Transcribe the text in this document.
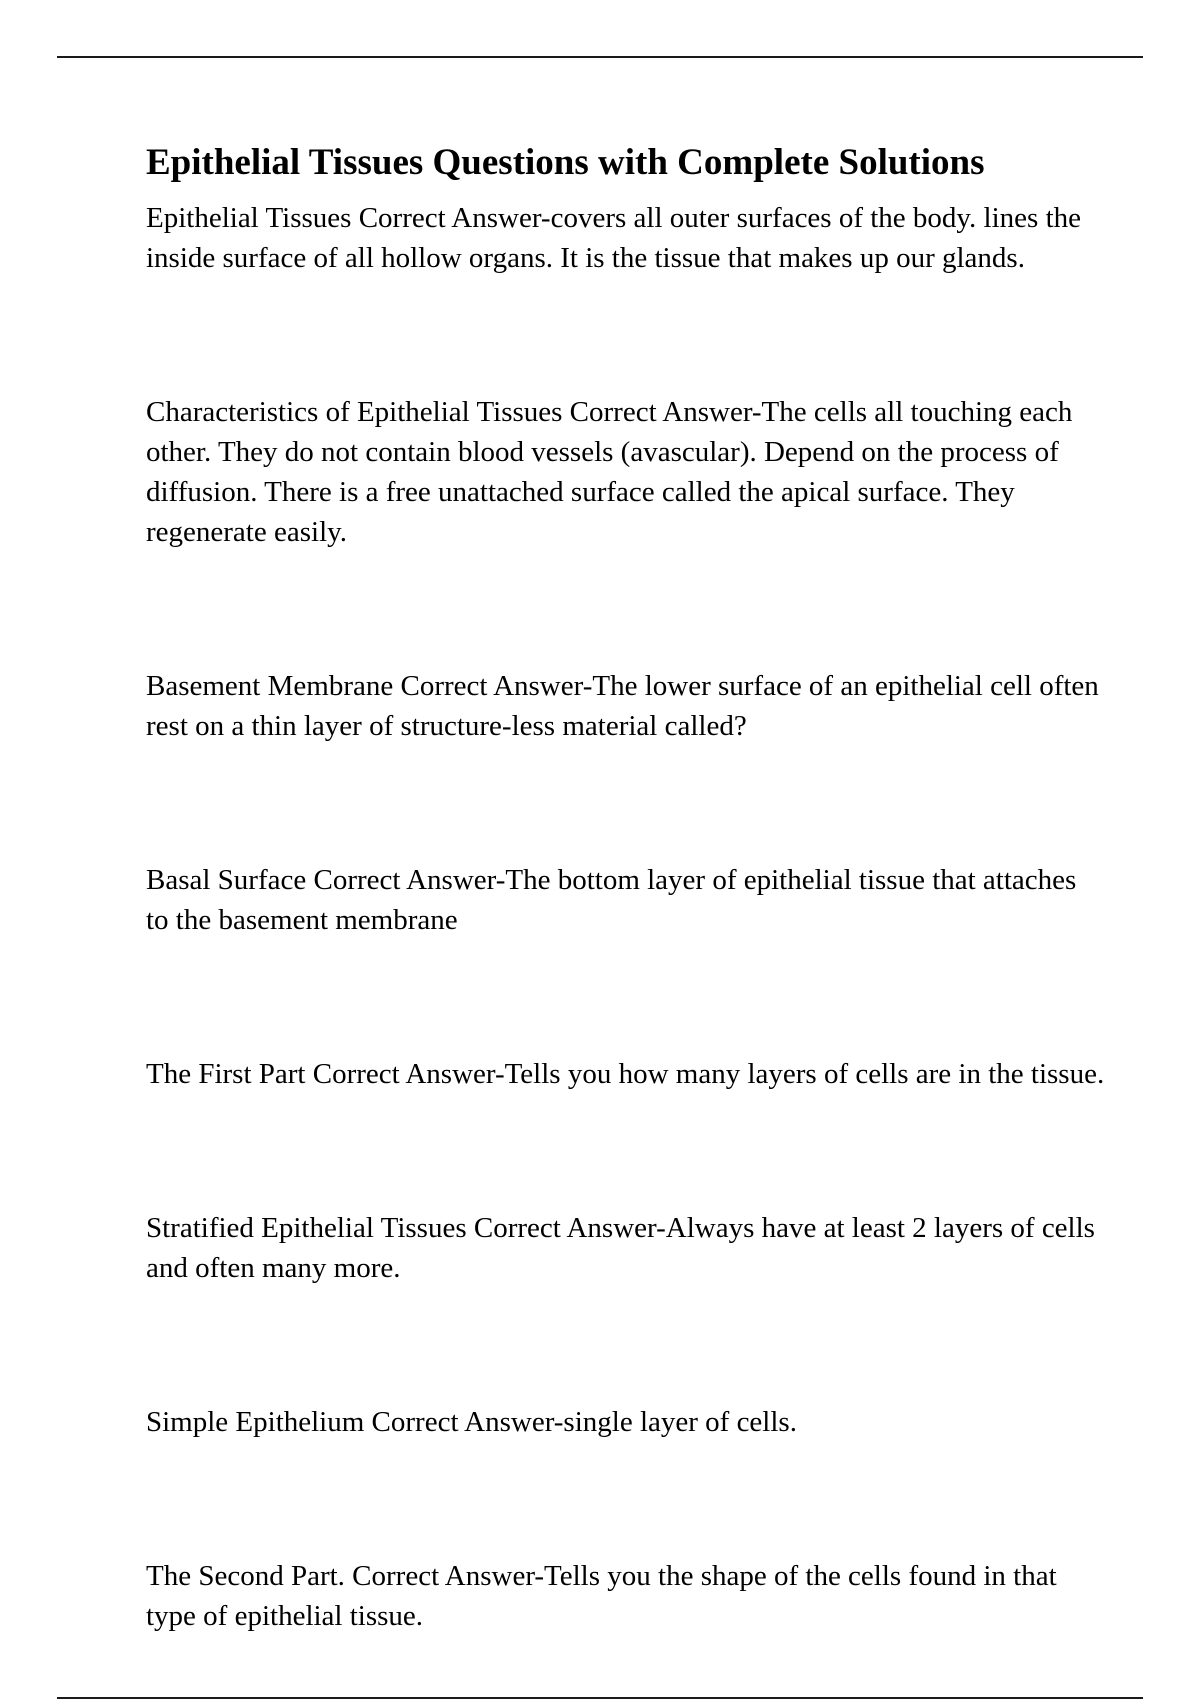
Epithelial Tissues Questions with Complete Solutions

Epithelial Tissues Correct Answer-covers all outer surfaces of the body. lines the inside surface of all hollow organs. It is the tissue that makes up our glands.

Characteristics of Epithelial Tissues Correct Answer-The cells all touching each other. They do not contain blood vessels (avascular). Depend on the process of diffusion. There is a free unattached surface called the apical surface. They regenerate easily.

Basement Membrane Correct Answer-The lower surface of an epithelial cell often rest on a thin layer of structure-less material called?

Basal Surface Correct Answer-The bottom layer of epithelial tissue that attaches to the basement membrane

The First Part Correct Answer-Tells you how many layers of cells are in the tissue.

Stratified Epithelial Tissues Correct Answer-Always have at least 2 layers of cells and often many more.

Simple Epithelium Correct Answer-single layer of cells.

The Second Part. Correct Answer-Tells you the shape of the cells found in that type of epithelial tissue.
